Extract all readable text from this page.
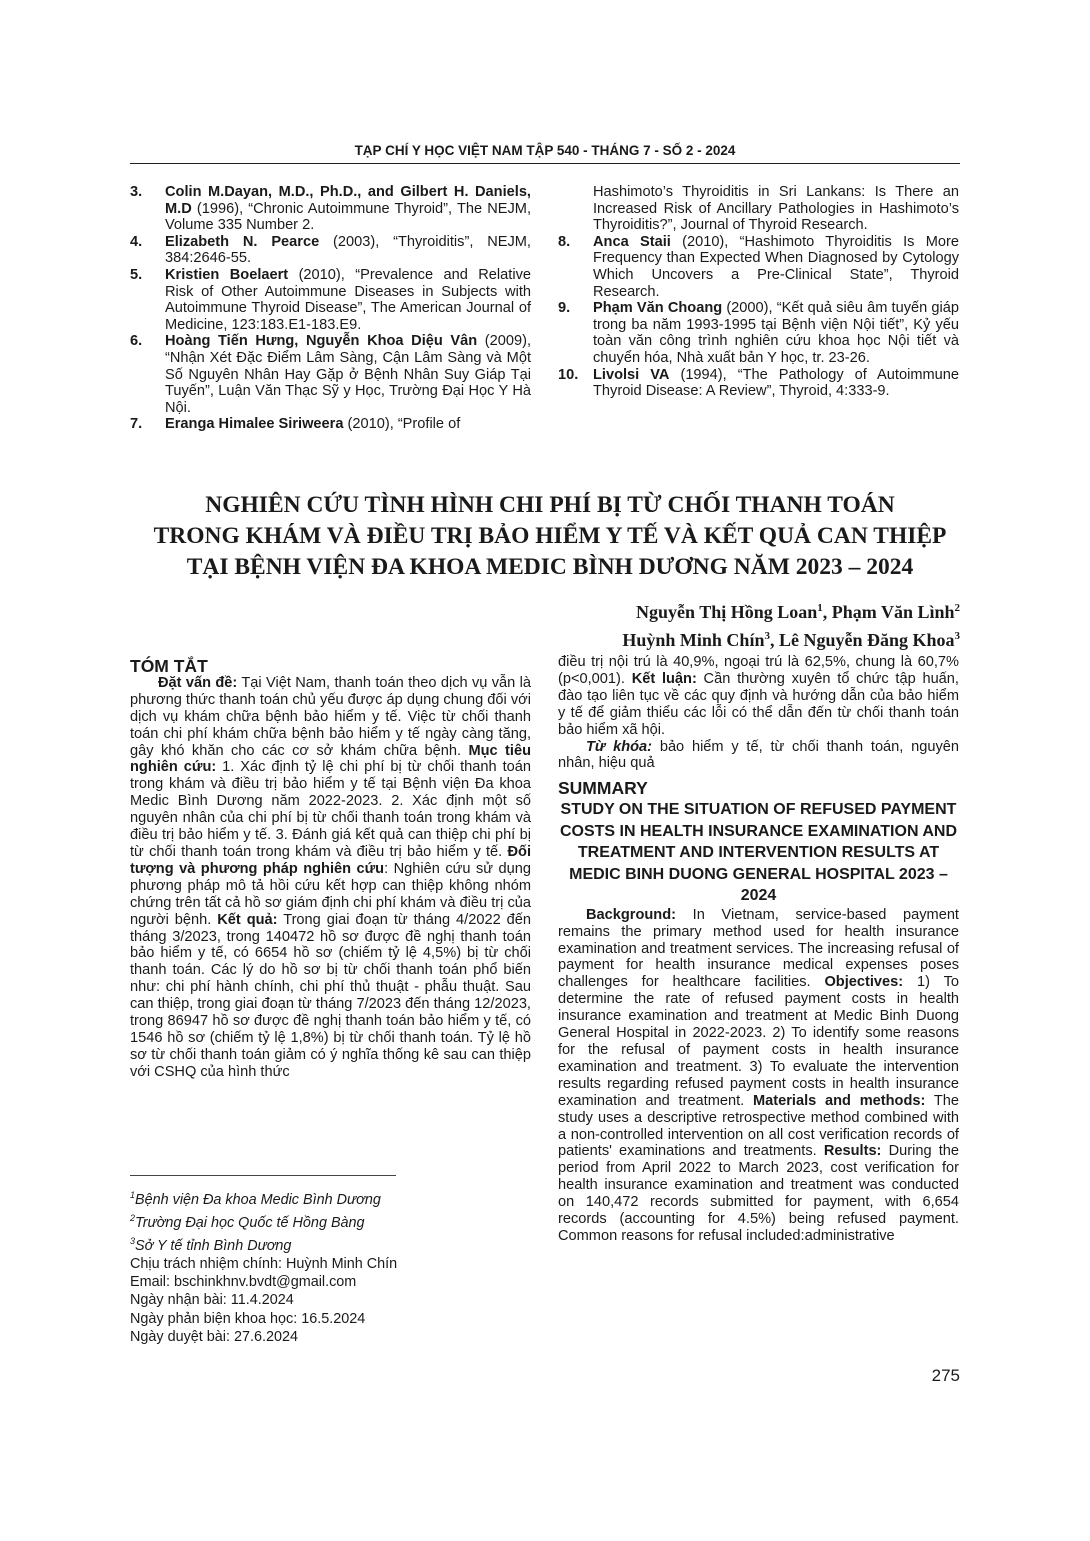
TẠP CHÍ Y HỌC VIỆT NAM TẬP 540 - THÁNG 7 - SỐ 2 - 2024
3. Colin M.Dayan, M.D., Ph.D., and Gilbert H. Daniels, M.D (1996), “Chronic Autoimmune Thyroid”, The NEJM, Volume 335 Number 2.
4. Elizabeth N. Pearce (2003), “Thyroiditis”, NEJM, 384:2646-55.
5. Kristien Boelaert (2010), “Prevalence and Relative Risk of Other Autoimmune Diseases in Subjects with Autoimmune Thyroid Disease”, The American Journal of Medicine, 123:183.E1-183.E9.
6. Hoàng Tiến Hưng, Nguyễn Khoa Diệu Vân (2009), “Nhận Xét Đặc Điểm Lâm Sàng, Cận Lâm Sàng và Một Số Nguyên Nhân Hay Gặp ở Bệnh Nhân Suy Giáp Tại Tuyến”, Luận Văn Thạc Sỹ y Học, Trường Đại Học Y Hà Nội.
7. Eranga Himalee Siriweera (2010), “Profile of
Hashimoto’s Thyroiditis in Sri Lankans: Is There an Increased Risk of Ancillary Pathologies in Hashimoto’s Thyroiditis?”, Journal of Thyroid Research.
8. Anca Staii (2010), “Hashimoto Thyroiditis Is More Frequency than Expected When Diagnosed by Cytology Which Uncovers a Pre-Clinical State”, Thyroid Research.
9. Phạm Văn Choang (2000), “Kết quả siêu âm tuyến giáp trong ba năm 1993-1995 tại Bệnh viện Nội tiết”, Kỷ yếu toàn văn công trình nghiên cứu khoa học Nội tiết và chuyển hóa, Nhà xuất bản Y học, tr. 23-26.
10. Livolsi VA (1994), “The Pathology of Autoimmune Thyroid Disease: A Review”, Thyroid, 4:333-9.
NGHIÊN CỨU TÌNH HÌNH CHI PHÍ BỊ TỪ CHỐI THANH TOÁN
TRONG KHÁM VÀ ĐIỀU TRỊ BẢO HIỂM Y TẾ VÀ KẾT QUẢ CAN THIỆP
TẠI BỆNH VIỆN ĐA KHOA MEDIC BÌNH DƯƠNG NĂM 2023 – 2024
Nguyễn Thị Hồng Loan$^1$, Phạm Văn Lình$^2$
Huỳnh Minh Chín$^3$, Lê Nguyễn Đăng Khoa$^3$

TÓM TẮT

Đặt vấn đề: Tại Việt Nam, thanh toán theo dịch vụ vẫn là phương thức thanh toán chủ yếu được áp dụng chung đối với dịch vụ khám chữa bệnh bảo hiểm y tế. Việc từ chối thanh toán chi phí khám chữa bệnh bảo hiểm y tế ngày càng tăng, gây khó khăn cho các cơ sở khám chữa bệnh. Mục tiêu nghiên cứu: 1. Xác định tỷ lệ chi phí bị từ chối thanh toán trong khám và điều trị bảo hiểm y tế tại Bệnh viện Đa khoa Medic Bình Dương năm 2022-2023. 2. Xác định một số nguyên nhân của chi phí bị từ chối thanh toán trong khám và điều trị bảo hiểm y tế. 3. Đánh giá kết quả can thiệp chi phí bị từ chối thanh toán trong khám và điều trị bảo hiểm y tế. Đối tượng và phương pháp nghiên cứu: Nghiên cứu sử dụng phương pháp mô tả hồi cứu kết hợp can thiệp không nhóm chứng trên tất cả hồ sơ giám định chi phí khám và điều trị của người bệnh. Kết quả: Trong giai đoạn từ tháng 4/2022 đến tháng 3/2023, trong 140472 hồ sơ được đề nghị thanh toán bảo hiểm y tế, có 6654 hồ sơ (chiếm tỷ lệ 4,5%) bị từ chối thanh toán. Các lý do hồ sơ bị từ chối thanh toán phổ biến như: chi phí hành chính, chi phí thủ thuật - phẫu thuật. Sau can thiệp, trong giai đoạn từ tháng 7/2023 đến tháng 12/2023, trong 86947 hồ sơ được đề nghị thanh toán bảo hiểm y tế, có 1546 hồ sơ (chiếm tỷ lệ 1,8%) bị từ chối thanh toán. Tỷ lệ hồ sơ từ chối thanh toán giảm có ý nghĩa thống kê sau can thiệp với CSHQ của hình thức

điều trị nội trú là 40,9%, ngoại trú là 62,5%, chung là 60,7% (p<0,001). Kết luận: Cần thường xuyên tổ chức tập huấn, đào tạo liên tục về các quy định và hướng dẫn của bảo hiểm y tế để giảm thiểu các lỗi có thể dẫn đến từ chối thanh toán bảo hiểm xã hội.

Từ khóa: bảo hiểm y tế, từ chối thanh toán, nguyên nhân, hiệu quả

SUMMARY

STUDY ON THE SITUATION OF REFUSED PAYMENT COSTS IN HEALTH INSURANCE EXAMINATION AND TREATMENT AND INTERVENTION RESULTS AT MEDIC BINH DUONG GENERAL HOSPITAL 2023 – 2024

Background: In Vietnam, service-based payment remains the primary method used for health insurance examination and treatment services. The increasing refusal of payment for health insurance medical expenses poses challenges for healthcare facilities. Objectives: 1) To determine the rate of refused payment costs in health insurance examination and treatment at Medic Binh Duong General Hospital in 2022-2023. 2) To identify some reasons for the refusal of payment costs in health insurance examination and treatment. 3) To evaluate the intervention results regarding refused payment costs in health insurance examination and treatment. Materials and methods: The study uses a descriptive retrospective method combined with a non-controlled intervention on all cost verification records of patients' examinations and treatments. Results: During the period from April 2022 to March 2023, cost verification for health insurance examination and treatment was conducted on 140,472 records submitted for payment, with 6,654 records (accounting for 4.5%) being refused payment. Common reasons for refusal included:administrative

$^1$Bệnh viện Đa khoa Medic Bình Dương
$^2$Trường Đại học Quốc tế Hồng Bàng
$^3$Sở Y tế tỉnh Bình Dương
Chịu trách nhiệm chính: Huỳnh Minh Chín
Email: bschinkhnv.bvdt@gmail.com
Ngày nhận bài: 11.4.2024
Ngày phản biện khoa học: 16.5.2024
Ngày duyệt bài: 27.6.2024
275
